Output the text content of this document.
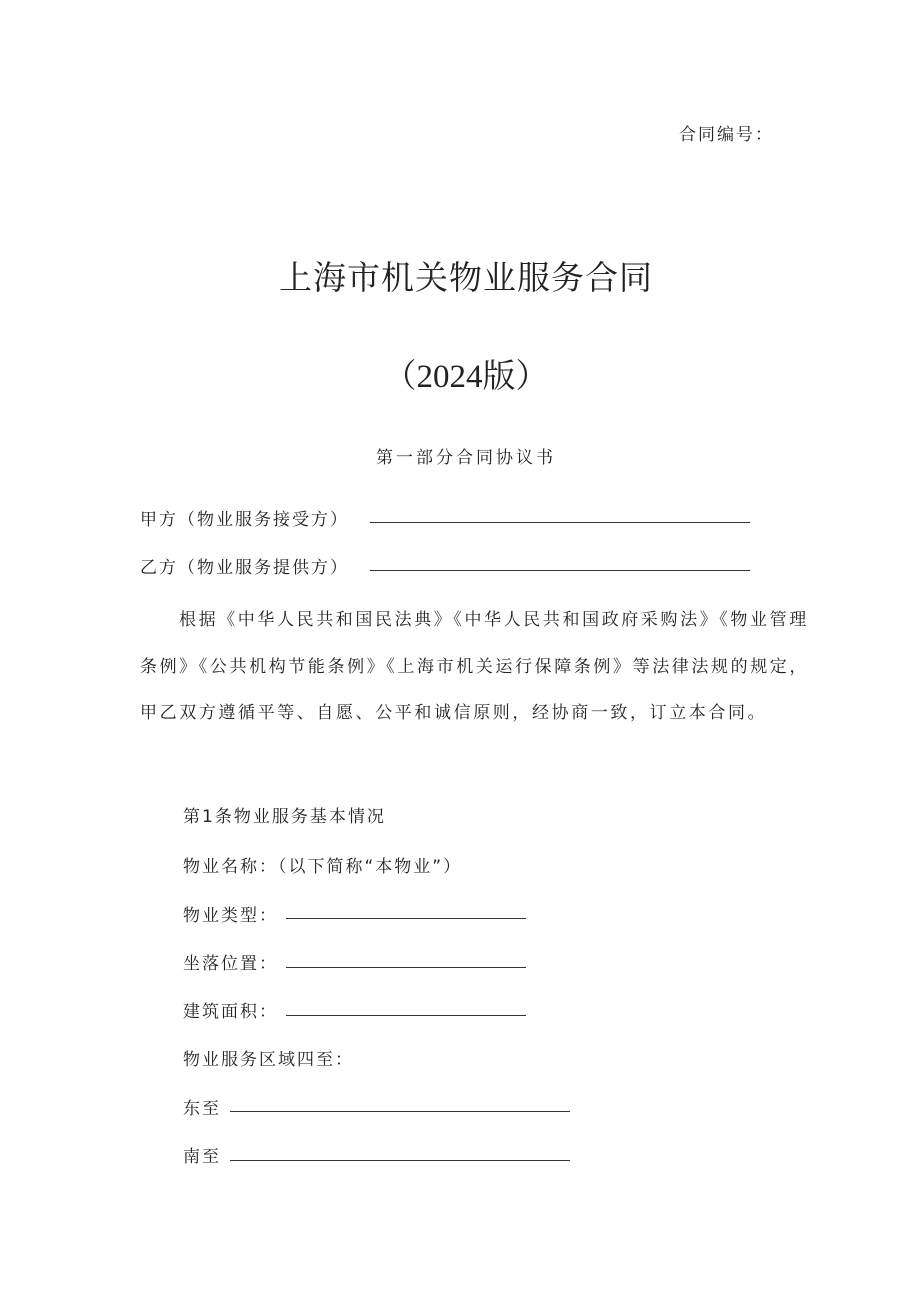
合同编号：
上海市机关物业服务合同
（2024版）
第一部分合同协议书
甲方（物业服务接受方）
乙方（物业服务提供方）
根据《中华人民共和国民法典》《中华人民共和国政府采购法》《物业管理条例》《公共机构节能条例》《上海市机关运行保障条例》等法律法规的规定，甲乙双方遵循平等、自愿、公平和诚信原则，经协商一致，订立本合同。
第1条物业服务基本情况
物业名称：（以下简称“本物业”）
物业类型：
坐落位置：
建筑面积：
物业服务区域四至：
东至
南至
